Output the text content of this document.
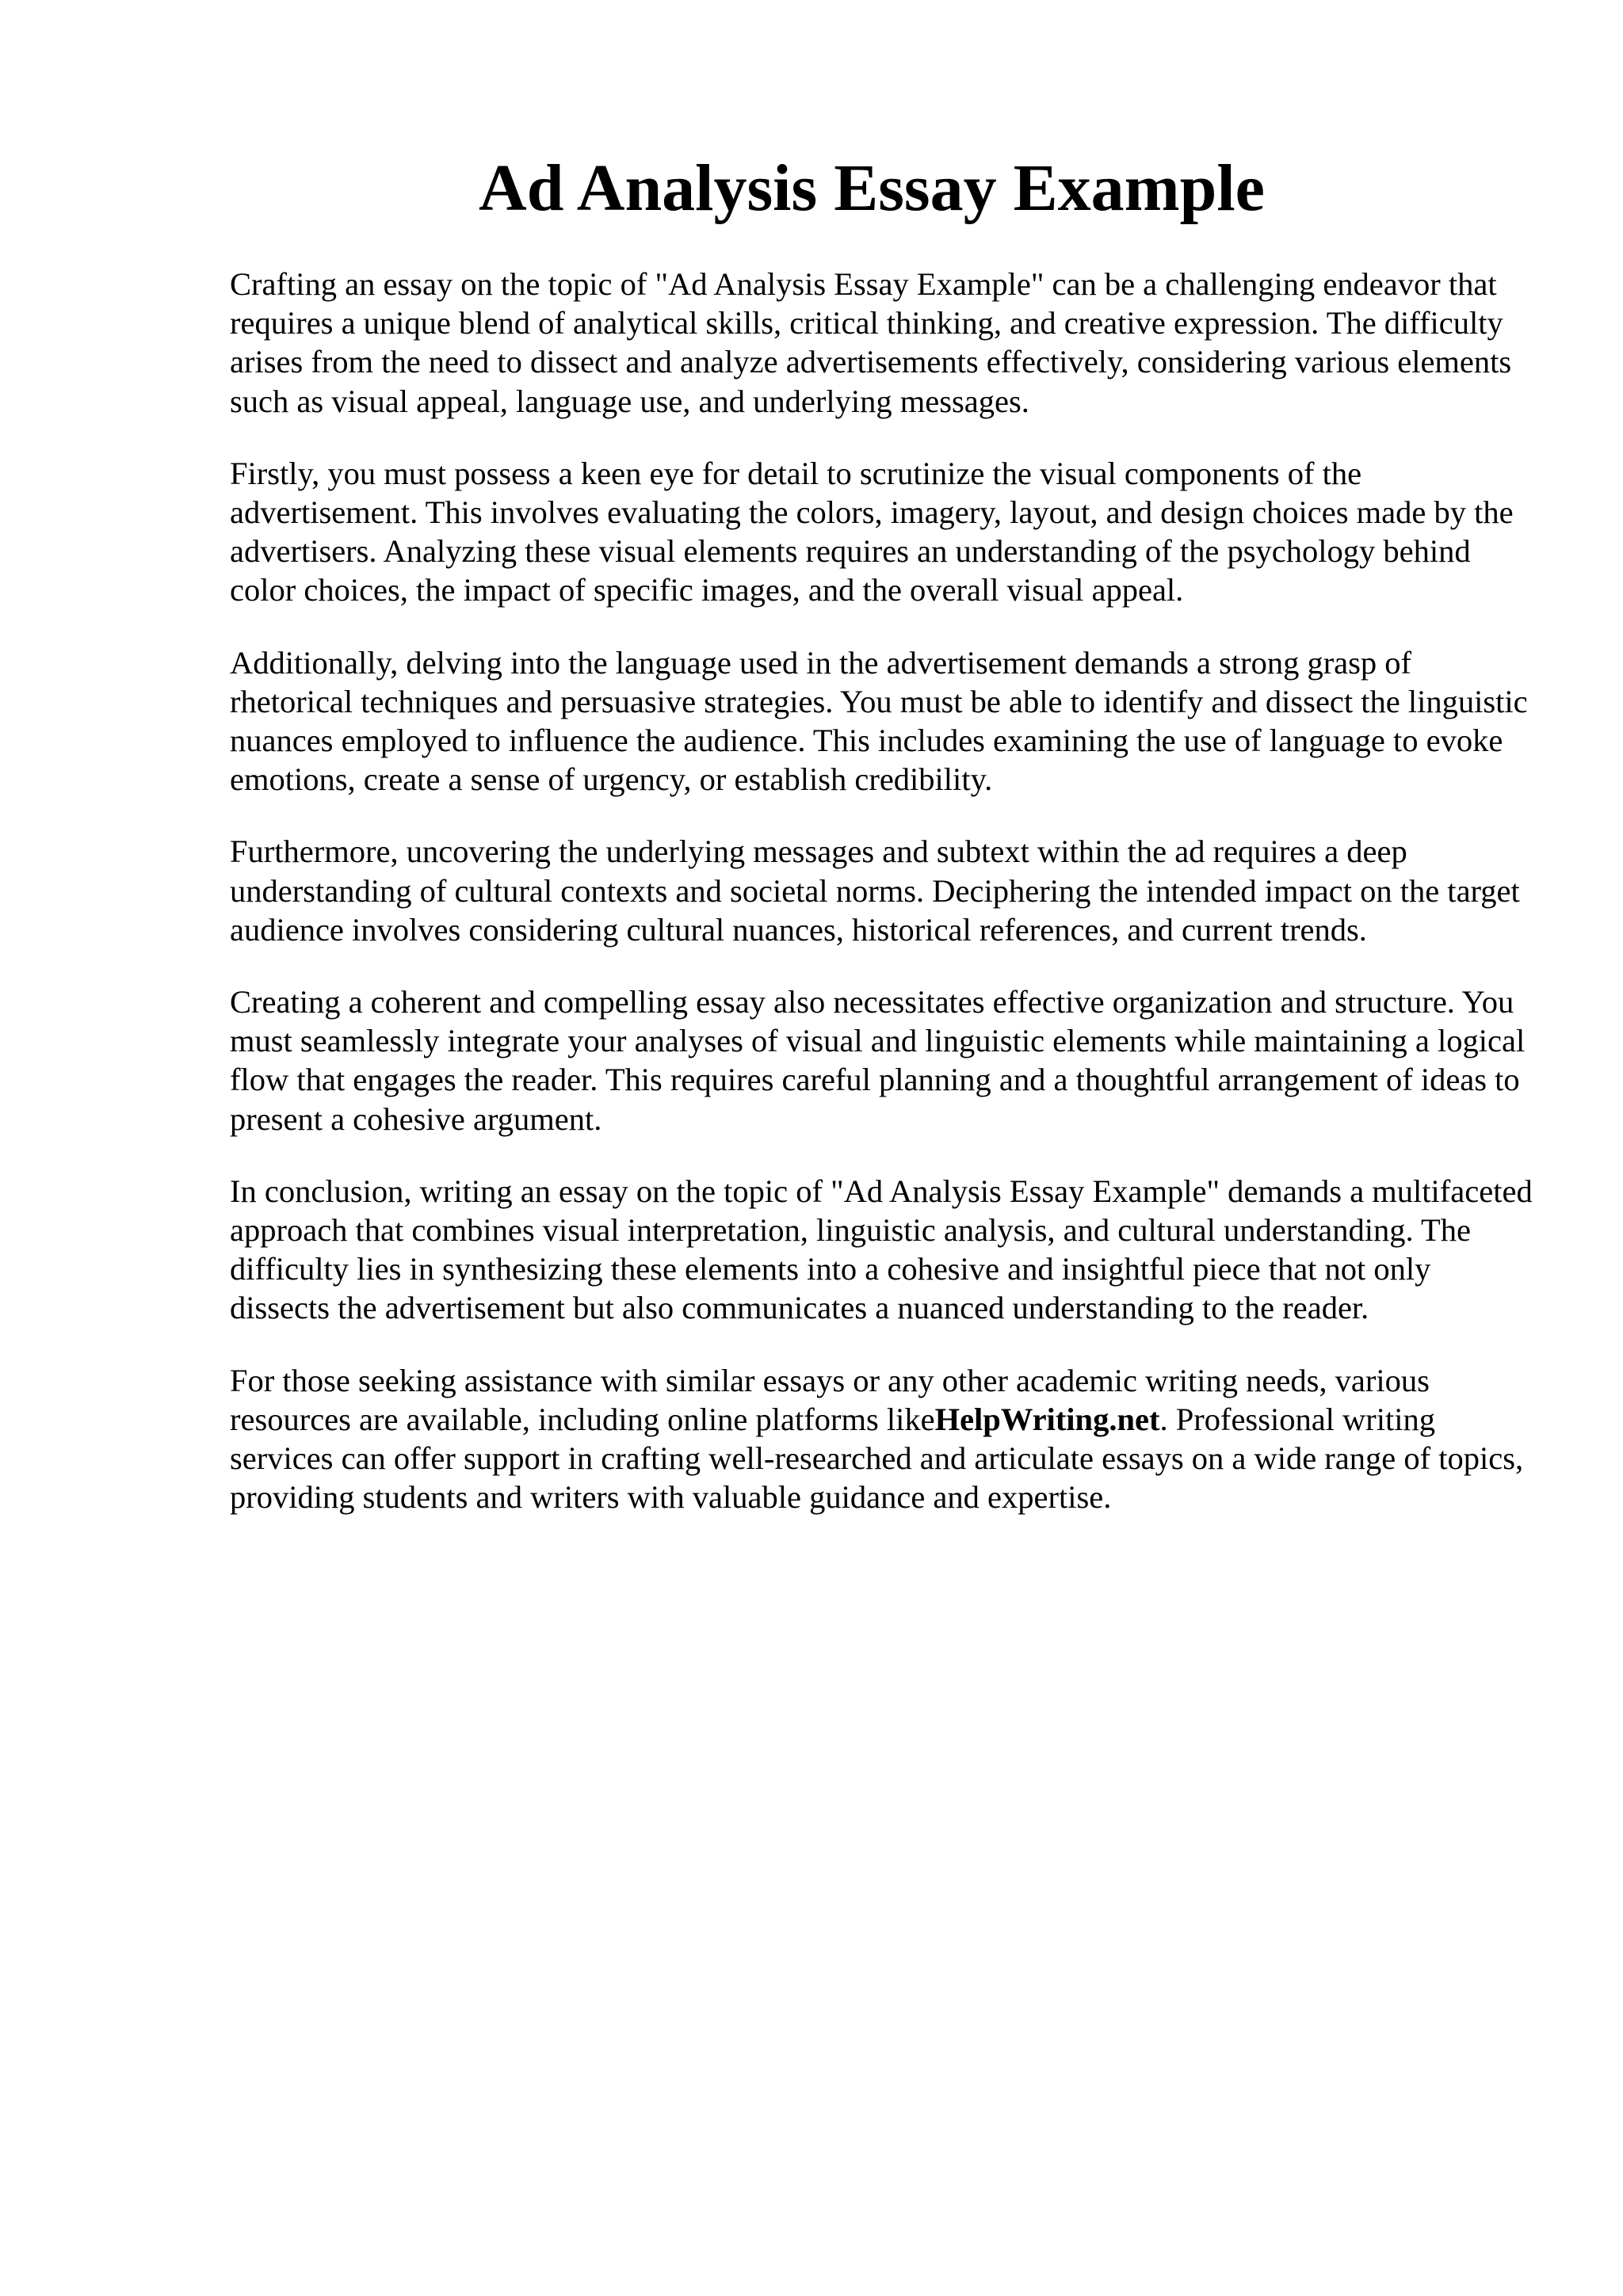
Ad Analysis Essay Example

Crafting an essay on the topic of "Ad Analysis Essay Example" can be a challenging endeavor that requires a unique blend of analytical skills, critical thinking, and creative expression. The difficulty arises from the need to dissect and analyze advertisements effectively, considering various elements such as visual appeal, language use, and underlying messages.

Firstly, you must possess a keen eye for detail to scrutinize the visual components of the advertisement. This involves evaluating the colors, imagery, layout, and design choices made by the advertisers. Analyzing these visual elements requires an understanding of the psychology behind color choices, the impact of specific images, and the overall visual appeal.

Additionally, delving into the language used in the advertisement demands a strong grasp of rhetorical techniques and persuasive strategies. You must be able to identify and dissect the linguistic nuances employed to influence the audience. This includes examining the use of language to evoke emotions, create a sense of urgency, or establish credibility.

Furthermore, uncovering the underlying messages and subtext within the ad requires a deep understanding of cultural contexts and societal norms. Deciphering the intended impact on the target audience involves considering cultural nuances, historical references, and current trends.

Creating a coherent and compelling essay also necessitates effective organization and structure. You must seamlessly integrate your analyses of visual and linguistic elements while maintaining a logical flow that engages the reader. This requires careful planning and a thoughtful arrangement of ideas to present a cohesive argument.

In conclusion, writing an essay on the topic of "Ad Analysis Essay Example" demands a multifaceted approach that combines visual interpretation, linguistic analysis, and cultural understanding. The difficulty lies in synthesizing these elements into a cohesive and insightful piece that not only dissects the advertisement but also communicates a nuanced understanding to the reader.

For those seeking assistance with similar essays or any other academic writing needs, various resources are available, including online platforms likeHelpWriting.net. Professional writing services can offer support in crafting well-researched and articulate essays on a wide range of topics, providing students and writers with valuable guidance and expertise.
